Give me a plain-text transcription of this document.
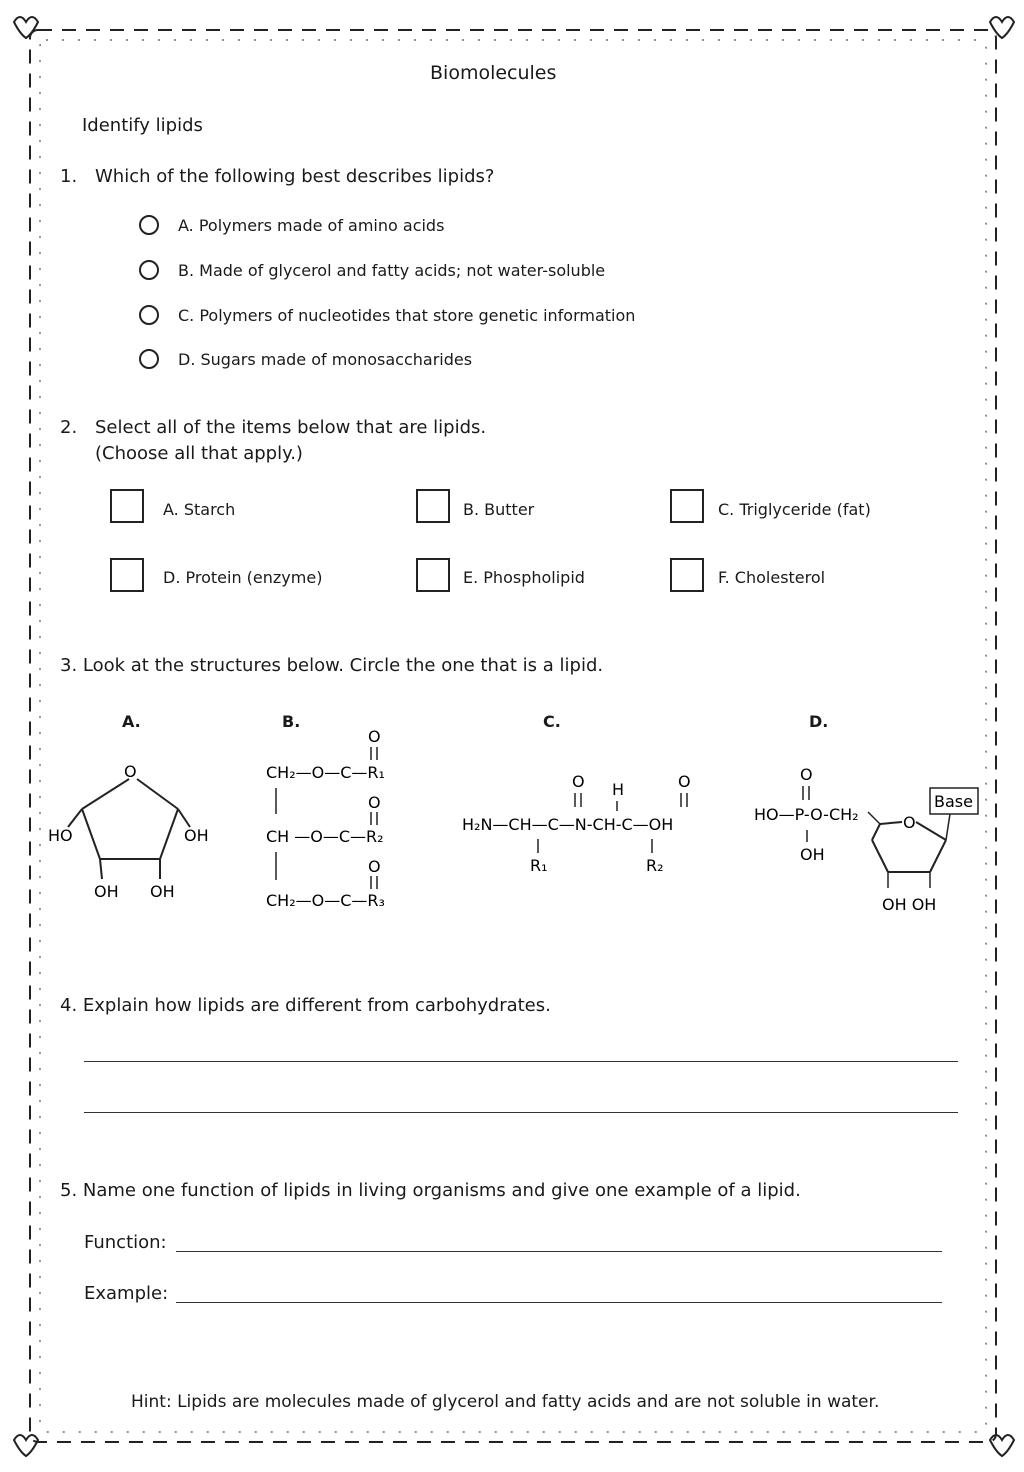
Biomolecules
Identify lipids
1. Which of the following best describes lipids?
A. Polymers made of amino acids
B. Made of glycerol and fatty acids; not water-soluble
C. Polymers of nucleotides that store genetic information
D. Sugars made of monosaccharides
2. Select all of the items below that are lipids.
(Choose all that apply.)
A. Starch	B. Butter	C. Triglyceride (fat)
D. Protein (enzyme)	E. Phospholipid	F. Cholesterol
3. Look at the structures below. Circle the one that is a lipid.
A.	B.	C.	D.
O
HO	OH
OH OH
O
CH₂—O—C—R₁
O
CH —O—C—R₂
O
CH₂—O—C—R₃
O H	O
H₂N—CH—C—N-CH-C—OH
R₁	R₂
O
HO—P-O-CH₂
OH
O
Base
OH OH
4. Explain how lipids are different from carbohydrates.
5. Name one function of lipids in living organisms and give one example of a lipid.
Function:
Example:
Hint: Lipids are molecules made of glycerol and fatty acids and are not soluble in water.
